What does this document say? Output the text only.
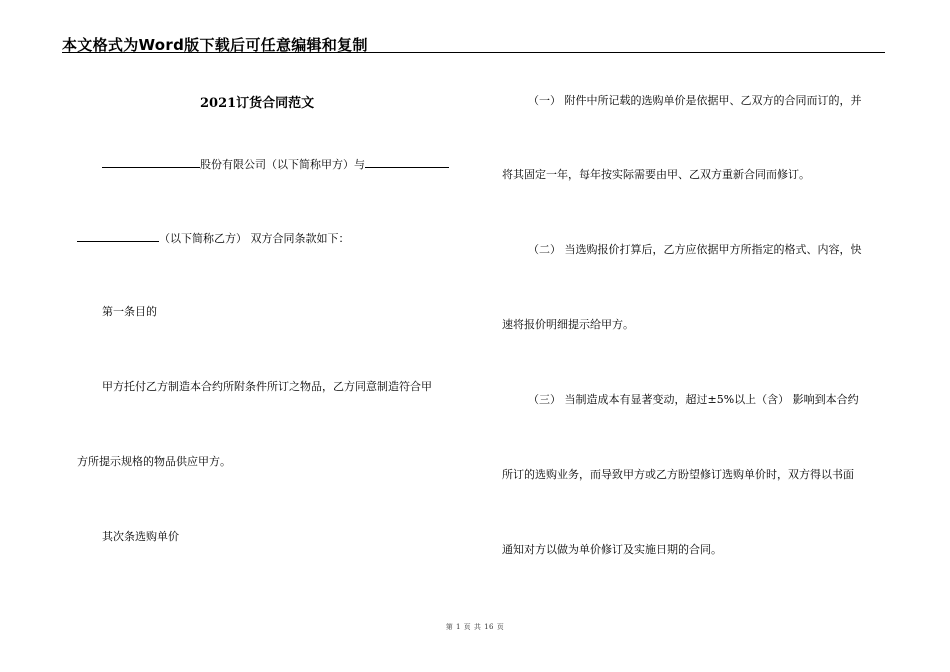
本文格式为Word版下载后可任意编辑和复制
2021订货合同范文
股份有限公司（以下简称甲方）与
（以下简称乙方） 双方合同条款如下：
第一条目的
甲方托付乙方制造本合约所附条件所订之物品，乙方同意制造符合甲
方所提示规格的物品供应甲方。
其次条选购单价
（一） 附件中所记载的选购单价是依据甲、乙双方的合同而订的，并
将其固定一年，每年按实际需要由甲、乙双方重新合同而修订。
（二） 当选购报价打算后，乙方应依据甲方所指定的格式、内容，快
速将报价明细提示给甲方。
（三） 当制造成本有显著变动，超过±5%以上（含） 影响到本合约
所订的选购业务，而导致甲方或乙方盼望修订选购单价时，双方得以书面
通知对方以做为单价修订及实施日期的合同。
第 1 页 共 16 页
